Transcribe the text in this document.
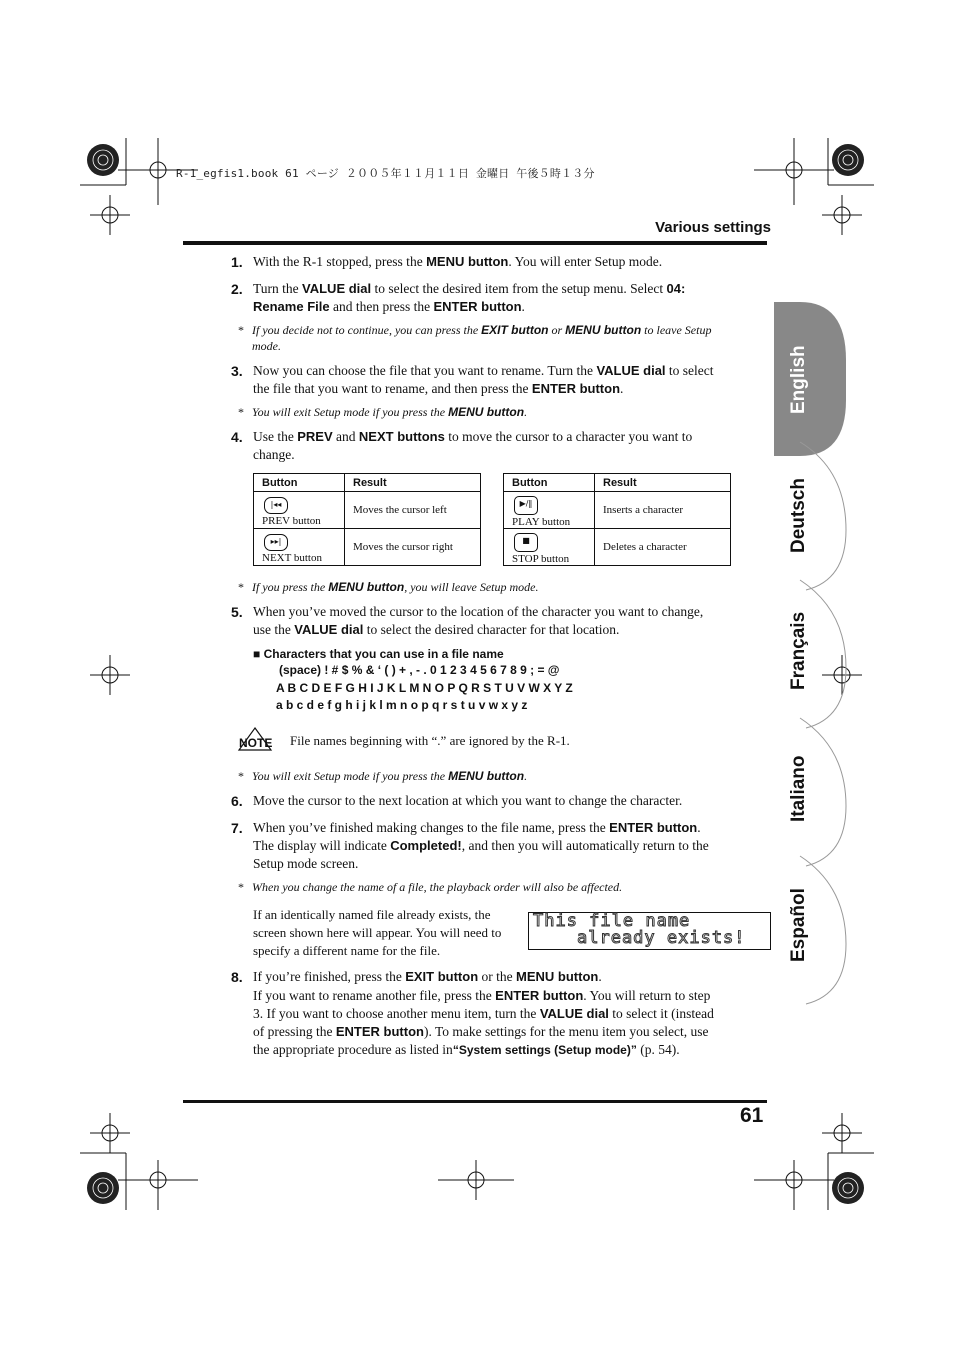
R-1_egfis1.book 61 ページ ２００５年１１月１１日 金曜日 午後５時１３分
Various settings
English
Deutsch
Français
Italiano
Español
1. With the R-1 stopped, press the MENU button. You will enter Setup mode.
2. Turn the VALUE dial to select the desired item from the setup menu. Select 04: Rename File and then press the ENTER button.
* If you decide not to continue, you can press the EXIT button or MENU button to leave Setup mode.
3. Now you can choose the file that you want to rename. Turn the VALUE dial to select the file that you want to rename, and then press the ENTER button.
* You will exit Setup mode if you press the MENU button.
4. Use the PREV and NEXT buttons to move the cursor to a character you want to change.
Button	Result

|◂◂
PREV button	Moves the cursor left

▸▸|
NEXT button	Moves the cursor right
Button	Result

▶/‖
PLAY button	Inserts a character

■
STOP button	Deletes a character
* If you press the MENU button, you will leave Setup mode.
5. When you’ve moved the cursor to the location of the character you want to change, use the VALUE dial to select the desired character for that location.
■ Characters that you can use in a file name
(space) ! # $ % & ‘ ( ) + , - . 0 1 2 3 4 5 6 7 8 9 ; = @
A B C D E F G H I J K L M N O P Q R S T U V W X Y Z
a b c d e f g h i j k l m n o p q r s t u v w x y z
NOTE File names beginning with “.” are ignored by the R-1.
* You will exit Setup mode if you press the MENU button.
6. Move the cursor to the next location at which you want to change the character.
7. When you’ve finished making changes to the file name, press the ENTER button. The display will indicate Completed!, and then you will automatically return to the Setup mode screen.
* When you change the name of a file, the playback order will also be affected.
If an identically named file already exists, the screen shown here will appear. You will need to specify a different name for the file.
This file name
already exists!
8. If you’re finished, press the EXIT button or the MENU button.
If you want to rename another file, press the ENTER button. You will return to step 3. If you want to choose another menu item, turn the VALUE dial to select it (instead of pressing the ENTER button). To make settings for the menu item you select, use the appropriate procedure as listed in“System settings (Setup mode)” (p. 54).
61
